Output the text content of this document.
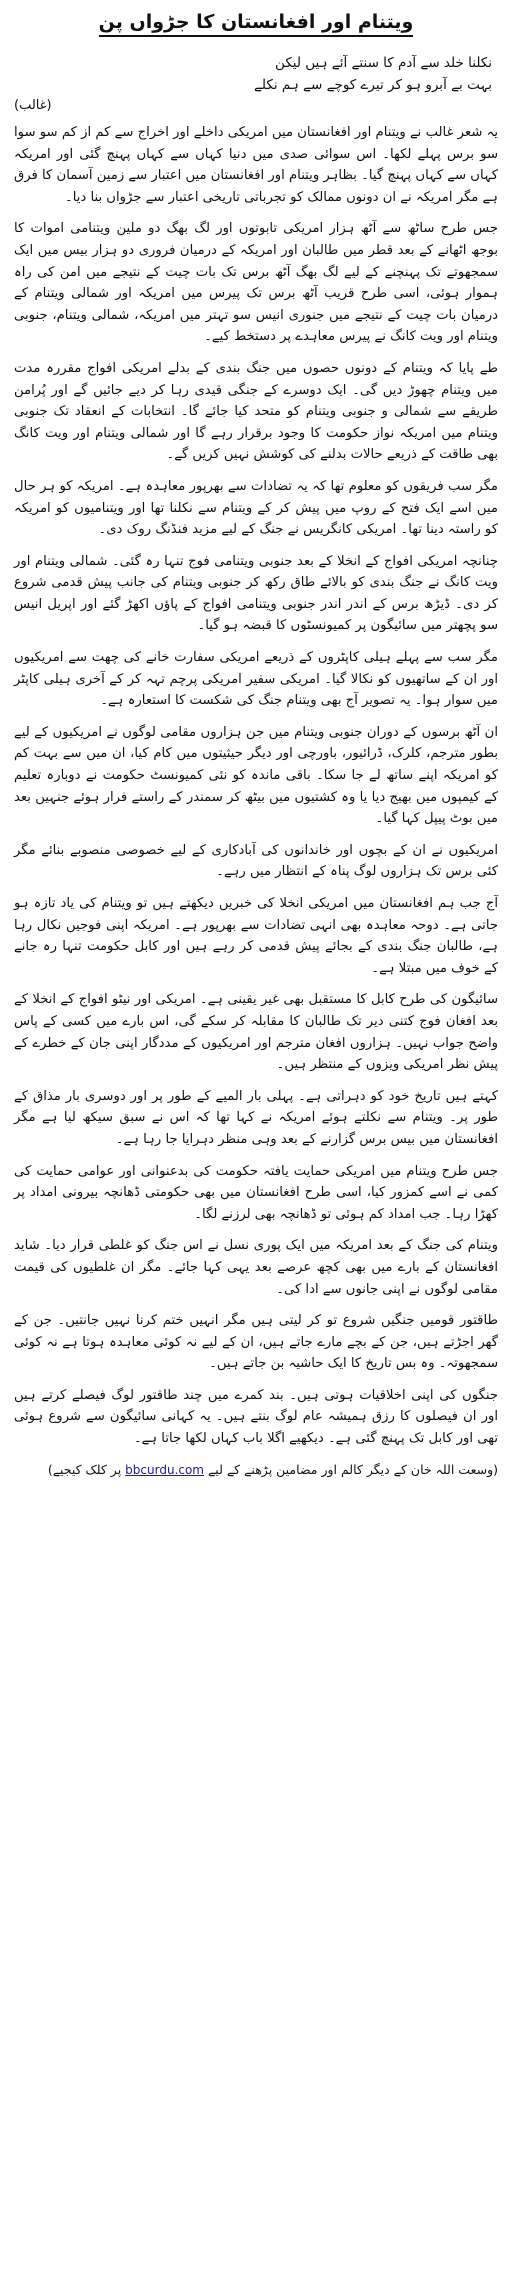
ویتنام اور افغانستان کا جڑواں پن
نکلنا خلد سے آدم کا سنتے آئے ہیں لیکن
بہت بے آبرو ہو کر تیرے کوچے سے ہم نکلے
(غالب)
یہ شعر غالب نے ویتنام اور افغانستان میں امریکی داخلے اور اخراج سے کم از کم سو سوا سو برس پہلے لکھا۔ اس سوائی صدی میں دنیا کہاں سے کہاں پہنچ گئی اور امریکہ کہاں سے کہاں پہنچ گیا۔ بظاہر ویتنام اور افغانستان میں اعتبار سے زمین آسمان کا فرق ہے مگر امریکہ نے ان دونوں ممالک کو تجرباتی تاریخی اعتبار سے جڑواں بنا دیا۔
جس طرح ساٹھ سے آٹھ ہزار امریکی تابوتوں اور لگ بھگ دو ملین ویتنامی اموات کا بوجھ اٹھانے کے بعد قطر میں طالبان اور امریکہ کے درمیان فروری دو ہزار بیس میں ایک سمجھوتے تک پہنچنے کے لیے لگ بھگ آٹھ برس تک بات چیت کے نتیجے میں امن کی راہ ہموار ہوئی، اسی طرح قریب آٹھ برس تک پیرس میں امریکہ اور شمالی ویتنام کے درمیان بات چیت کے نتیجے میں جنوری انیس سو تہتر میں امریکہ، شمالی ویتنام، جنوبی ویتنام اور ویت کانگ نے پیرس معاہدے پر دستخط کیے۔
طے پایا کہ ویتنام کے دونوں حصوں میں جنگ بندی کے بدلے امریکی افواج مقررہ مدت میں ویتنام چھوڑ دیں گی۔ ایک دوسرے کے جنگی قیدی رہا کر دیے جائیں گے اور پُرامن طریقے سے شمالی و جنوبی ویتنام کو متحد کیا جائے گا۔ انتخابات کے انعقاد تک جنوبی ویتنام میں امریکہ نواز حکومت کا وجود برقرار رہے گا اور شمالی ویتنام اور ویت کانگ بھی طاقت کے ذریعے حالات بدلنے کی کوشش نہیں کریں گے۔
مگر سب فریقوں کو معلوم تھا کہ یہ تضادات سے بھرپور معاہدہ ہے۔ امریکہ کو ہر حال میں اسے ایک فتح کے روپ میں پیش کر کے ویتنام سے نکلنا تھا اور ویتنامیوں کو امریکہ کو راستہ دینا تھا۔ امریکی کانگریس نے جنگ کے لیے مزید فنڈنگ روک دی۔
چنانچہ امریکی افواج کے انخلا کے بعد جنوبی ویتنامی فوج تنہا رہ گئی۔ شمالی ویتنام اور ویت کانگ نے جنگ بندی کو بالائے طاق رکھ کر جنوبی ویتنام کی جانب پیش قدمی شروع کر دی۔ ڈیڑھ برس کے اندر اندر جنوبی ویتنامی افواج کے پاؤں اکھڑ گئے اور اپریل انیس سو پچھتر میں سائیگون پر کمیونسٹوں کا قبضہ ہو گیا۔
مگر سب سے پہلے ہیلی کاپٹروں کے ذریعے امریکی سفارت خانے کی چھت سے امریکیوں اور ان کے ساتھیوں کو نکالا گیا۔ امریکی سفیر امریکی پرچم تہہ کر کے آخری ہیلی کاپٹر میں سوار ہوا۔ یہ تصویر آج بھی ویتنام جنگ کی شکست کا استعارہ ہے۔
ان آٹھ برسوں کے دوران جنوبی ویتنام میں جن ہزاروں مقامی لوگوں نے امریکیوں کے لیے بطور مترجم، کلرک، ڈرائیور، باورچی اور دیگر حیثیتوں میں کام کیا، ان میں سے بہت کم کو امریکہ اپنے ساتھ لے جا سکا۔ باقی ماندہ کو نئی کمیونسٹ حکومت نے دوبارہ تعلیم کے کیمپوں میں بھیج دیا یا وہ کشتیوں میں بیٹھ کر سمندر کے راستے فرار ہوئے جنہیں بعد میں بوٹ پیپل کہا گیا۔
امریکیوں نے ان کے بچوں اور خاندانوں کی آبادکاری کے لیے خصوصی منصوبے بنائے مگر کئی برس تک ہزاروں لوگ پناہ کے انتظار میں رہے۔
آج جب ہم افغانستان میں امریکی انخلا کی خبریں دیکھتے ہیں تو ویتنام کی یاد تازہ ہو جاتی ہے۔ دوحہ معاہدہ بھی انہی تضادات سے بھرپور ہے۔ امریکہ اپنی فوجیں نکال رہا ہے، طالبان جنگ بندی کے بجائے پیش قدمی کر رہے ہیں اور کابل حکومت تنہا رہ جانے کے خوف میں مبتلا ہے۔
سائیگون کی طرح کابل کا مستقبل بھی غیر یقینی ہے۔ امریکی اور نیٹو افواج کے انخلا کے بعد افغان فوج کتنی دیر تک طالبان کا مقابلہ کر سکے گی، اس بارے میں کسی کے پاس واضح جواب نہیں۔ ہزاروں افغان مترجم اور امریکیوں کے مددگار اپنی جان کے خطرے کے پیش نظر امریکی ویزوں کے منتظر ہیں۔
کہتے ہیں تاریخ خود کو دہراتی ہے۔ پہلی بار المیے کے طور پر اور دوسری بار مذاق کے طور پر۔ ویتنام سے نکلتے ہوئے امریکہ نے کہا تھا کہ اس نے سبق سیکھ لیا ہے مگر افغانستان میں بیس برس گزارنے کے بعد وہی منظر دہرایا جا رہا ہے۔
جس طرح ویتنام میں امریکی حمایت یافتہ حکومت کی بدعنوانی اور عوامی حمایت کی کمی نے اسے کمزور کیا، اسی طرح افغانستان میں بھی حکومتی ڈھانچہ بیرونی امداد پر کھڑا رہا۔ جب امداد کم ہوئی تو ڈھانچہ بھی لرزنے لگا۔
ویتنام کی جنگ کے بعد امریکہ میں ایک پوری نسل نے اس جنگ کو غلطی قرار دیا۔ شاید افغانستان کے بارے میں بھی کچھ عرصے بعد یہی کہا جائے۔ مگر ان غلطیوں کی قیمت مقامی لوگوں نے اپنی جانوں سے ادا کی۔
طاقتور قومیں جنگیں شروع تو کر لیتی ہیں مگر انہیں ختم کرنا نہیں جانتیں۔ جن کے گھر اجڑتے ہیں، جن کے بچے مارے جاتے ہیں، ان کے لیے نہ کوئی معاہدہ ہوتا ہے نہ کوئی سمجھوتہ۔ وہ بس تاریخ کا ایک حاشیہ بن جاتے ہیں۔
جنگوں کی اپنی اخلاقیات ہوتی ہیں۔ بند کمرے میں چند طاقتور لوگ فیصلے کرتے ہیں اور ان فیصلوں کا رزق ہمیشہ عام لوگ بنتے ہیں۔ یہ کہانی سائیگون سے شروع ہوئی تھی اور کابل تک پہنچ گئی ہے۔ دیکھیے اگلا باب کہاں لکھا جاتا ہے۔
(وسعت اللہ خان کے دیگر کالم اور مضامین پڑھنے کے لیے bbcurdu.com پر کلک کیجیے)
